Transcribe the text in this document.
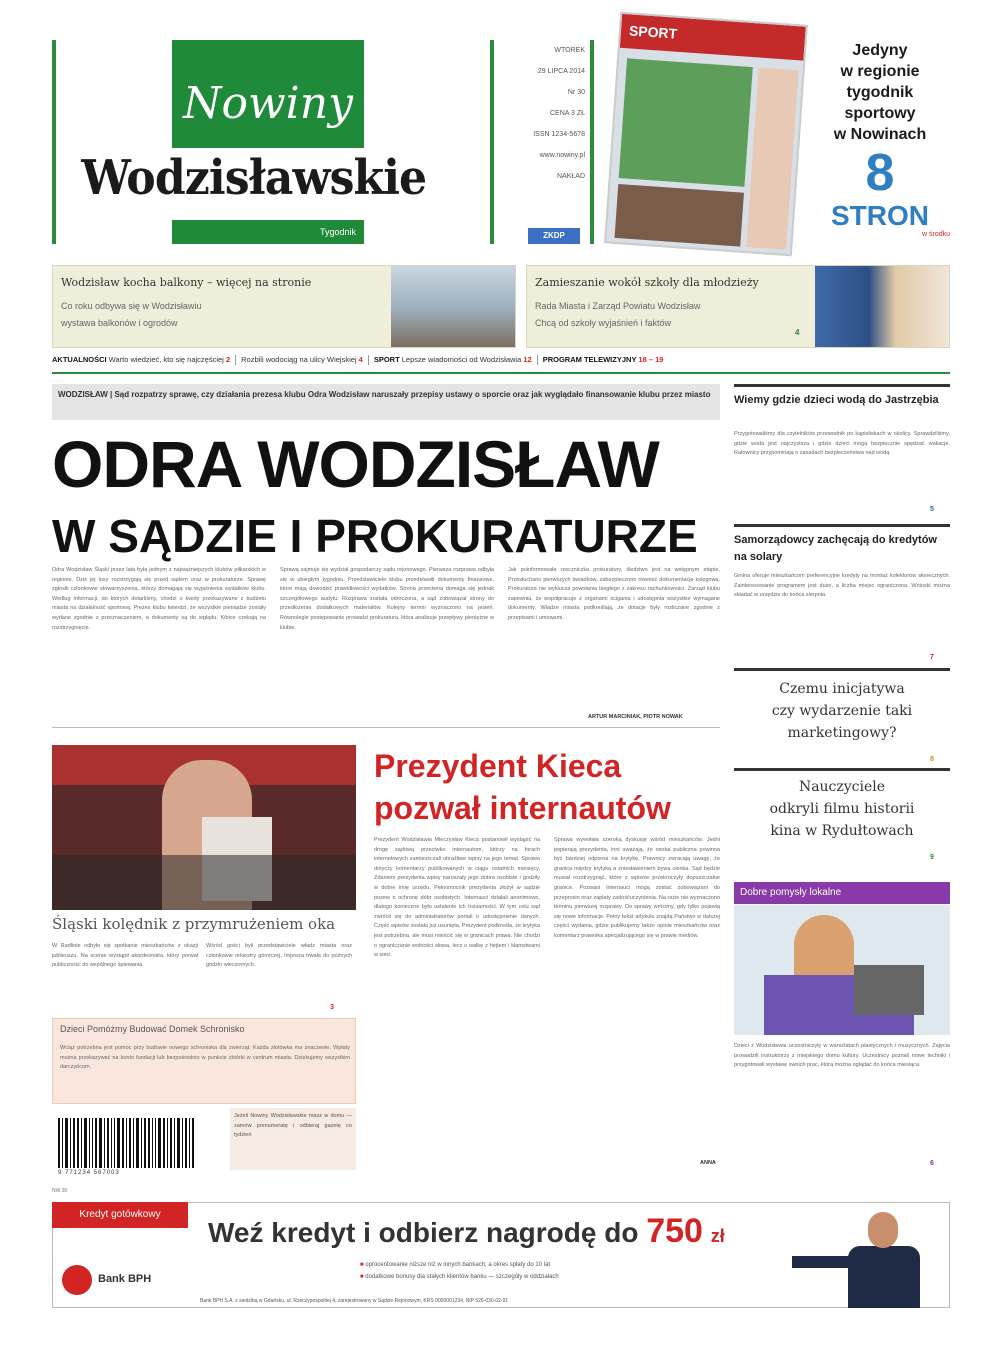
Nowiny
Wodzisławskie
Tygodnik
WTOREK
29 LIPCA 2014
Nr 30
CENA 3 ZŁ
ISSN 1234-5678
www.nowiny.pl
NAKŁAD
ZKDP
SPORT
Jedyny
w regionie
tygodnik
sportowy
w Nowinach
8
STRON
w środku
Wodzisław kocha balkony – więcej na stronie
Co roku odbywa się w Wodzisławiu
wystawa balkonów i ogrodów
Zamieszanie wokół szkoły dla młodzieży
Rada Miasta i Zarząd Powiatu Wodzisław
Chcą od szkoły wyjaśnień i faktów
4
AKTUALNOŚCI Warto wiedzieć, kto się najczęściej 2 Rozbili wodociąg na ulicy Wiejskiej 4 SPORT Lepsze wiadomości od Wodzisławia 12 PROGRAM TELEWIZYJNY 18 – 19
WODZISŁAW | Sąd rozpatrzy sprawę, czy działania prezesa klubu Odra Wodzisław naruszały przepisy ustawy o sporcie oraz jak wyglądało finansowanie klubu przez miasto
ODRA WODZISŁAW
W SĄDZIE I PROKURATURZE
Odra Wodzisław Śląski przez lata była jednym z najważniejszych klubów piłkarskich w regionie. Dziś jej losy rozstrzygają się przed sądem oraz w prokuraturze. Sprawę zgłosili członkowie stowarzyszenia, którzy domagają się wyjaśnienia wydatków klubu. Według informacji, do których dotarliśmy, chodzi o kwoty przekazywane z budżetu miasta na działalność sportową. Prezes klubu twierdzi, że wszystkie pieniądze zostały wydane zgodnie z przeznaczeniem, a dokumenty są do wglądu. Kibice czekają na rozstrzygnięcie.
Sprawą zajmuje się wydział gospodarczy sądu rejonowego. Pierwsza rozprawa odbyła się w ubiegłym tygodniu. Przedstawiciele klubu przedstawili dokumenty finansowe, które mają dowodzić prawidłowości wydatków. Strona przeciwna domaga się jednak szczegółowego audytu. Rozprawa została odroczona, a sąd zobowiązał strony do przedłożenia dodatkowych materiałów. Kolejny termin wyznaczono na jesień. Równolegle postępowanie prowadzi prokuratura, która analizuje przepływy pieniężne w klubie.
Jak poinformowała rzeczniczka prokuratury, śledztwo jest na wstępnym etapie. Przesłuchano pierwszych świadków, zabezpieczono również dokumentację księgową. Prokuratura nie wyklucza powołania biegłego z zakresu rachunkowości. Zarząd klubu zapewnia, że współpracuje z organami ścigania i udostępnia wszystkie wymagane dokumenty. Władze miasta podkreślają, że dotacje były rozliczane zgodnie z przepisami i umowami.
ARTUR MARCINIAK, PIOTR NOWAK
Śląski kolędnik z przymrużeniem oka
W Radlinie odbyło się spotkanie mieszkańców z okazji jubileuszu. Na scenie wystąpił akordeonista, który porwał publiczność do wspólnego śpiewania.
Wśród gości byli przedstawiciele władz miasta oraz członkowie orkiestry górniczej. Impreza trwała do późnych godzin wieczornych.
3
Prezydent Kieca
pozwał internautów
Prezydent Wodzisławia Mieczysław Kieca postanowił wystąpić na drogę sądową przeciwko internautom, którzy na forach internetowych zamieszczali obraźliwe wpisy na jego temat. Sprawa dotyczy komentarzy publikowanych w ciągu ostatnich miesięcy. Zdaniem prezydenta wpisy naruszały jego dobra osobiste i godziły w dobre imię urzędu. Pełnomocnik prezydenta złożył w sądzie pozew o ochronę dóbr osobistych. Internauci działali anonimowo, dlatego konieczne było ustalenie ich tożsamości. W tym celu sąd zwrócił się do administratorów portali o udostępnienie danych. Część wpisów została już usunięta. Prezydent podkreśla, że krytyka jest potrzebna, ale musi mieścić się w granicach prawa. Nie chodzi o ograniczanie wolności słowa, lecz o walkę z hejtem i kłamstwami w sieci.
Sprawa wywołała szeroką dyskusję wśród mieszkańców. Jedni popierają prezydenta, inni uważają, że osoba publiczna powinna być bardziej odporna na krytykę. Prawnicy zwracają uwagę, że granica między krytyką a zniesławieniem bywa cienka. Sąd będzie musiał rozstrzygnąć, które z wpisów przekroczyły dopuszczalne granice. Pozwani internauci mogą zostać zobowiązani do przeprosin oraz zapłaty zadośćuczynienia. Na razie nie wyznaczono terminu pierwszej rozprawy. Do sprawy wrócimy, gdy tylko pojawią się nowe informacje. Pełny tekst artykułu znajdą Państwo w dalszej części wydania, gdzie publikujemy także opinie mieszkańców oraz komentarz prawnika specjalizującego się w prawie mediów.
ANNA
Dzieci Pomóżmy Budować Domek Schronisko
Wciąż potrzebna jest pomoc przy budowie nowego schroniska dla zwierząt. Każda złotówka ma znaczenie. Wpłaty można przekazywać na konto fundacji lub bezpośrednio w punkcie zbiórki w centrum miasta. Dziękujemy wszystkim darczyńcom.
9 771234 567003
Jeżeli Nowiny Wodzisławskie masz w domu — zamów prenumeratę i odbieraj gazetę co tydzień
Wiemy gdzie dzieci wodą do Jastrzębia
Przygotowaliśmy dla czytelników przewodnik po kąpieliskach w okolicy. Sprawdziliśmy, gdzie woda jest najczystsza i gdzie dzieci mogą bezpiecznie spędzać wakacje. Ratownicy przypominają o zasadach bezpieczeństwa nad wodą.
5
Samorządowcy zachęcają do kredytów na solary
Gmina oferuje mieszkańcom preferencyjne kredyty na montaż kolektorów słonecznych. Zainteresowanie programem jest duże, a liczba miejsc ograniczona. Wnioski można składać w urzędzie do końca sierpnia.
7
Czemu inicjatywa
czy wydarzenie taki
marketingowy?
8
Nauczyciele
odkryli filmu historii
kina w Rydułtowach
9
Dobre pomysły lokalne
Dzieci z Wodzisławia uczestniczyły w warsztatach plastycznych i muzycznych. Zajęcia prowadzili instruktorzy z miejskiego domu kultury. Uczestnicy poznali nowe techniki i przygotowali wystawę swoich prac, którą można oglądać do końca miesiąca.
6
NW 30
Kredyt gotówkowy
Weź kredyt i odbierz nagrodę do 750 zł
■ oprocentowanie niższe niż w innych bankach, a okres spłaty do 10 lat
■ dodatkowe bonusy dla stałych klientów banku — szczegóły w oddziałach
Bank BPH
Bank BPH S.A. z siedzibą w Gdańsku, ul. Rzeczypospolitej 4, zarejestrowany w Sądzie Rejonowym, KRS 0000001234, NIP 526-030-02-91
